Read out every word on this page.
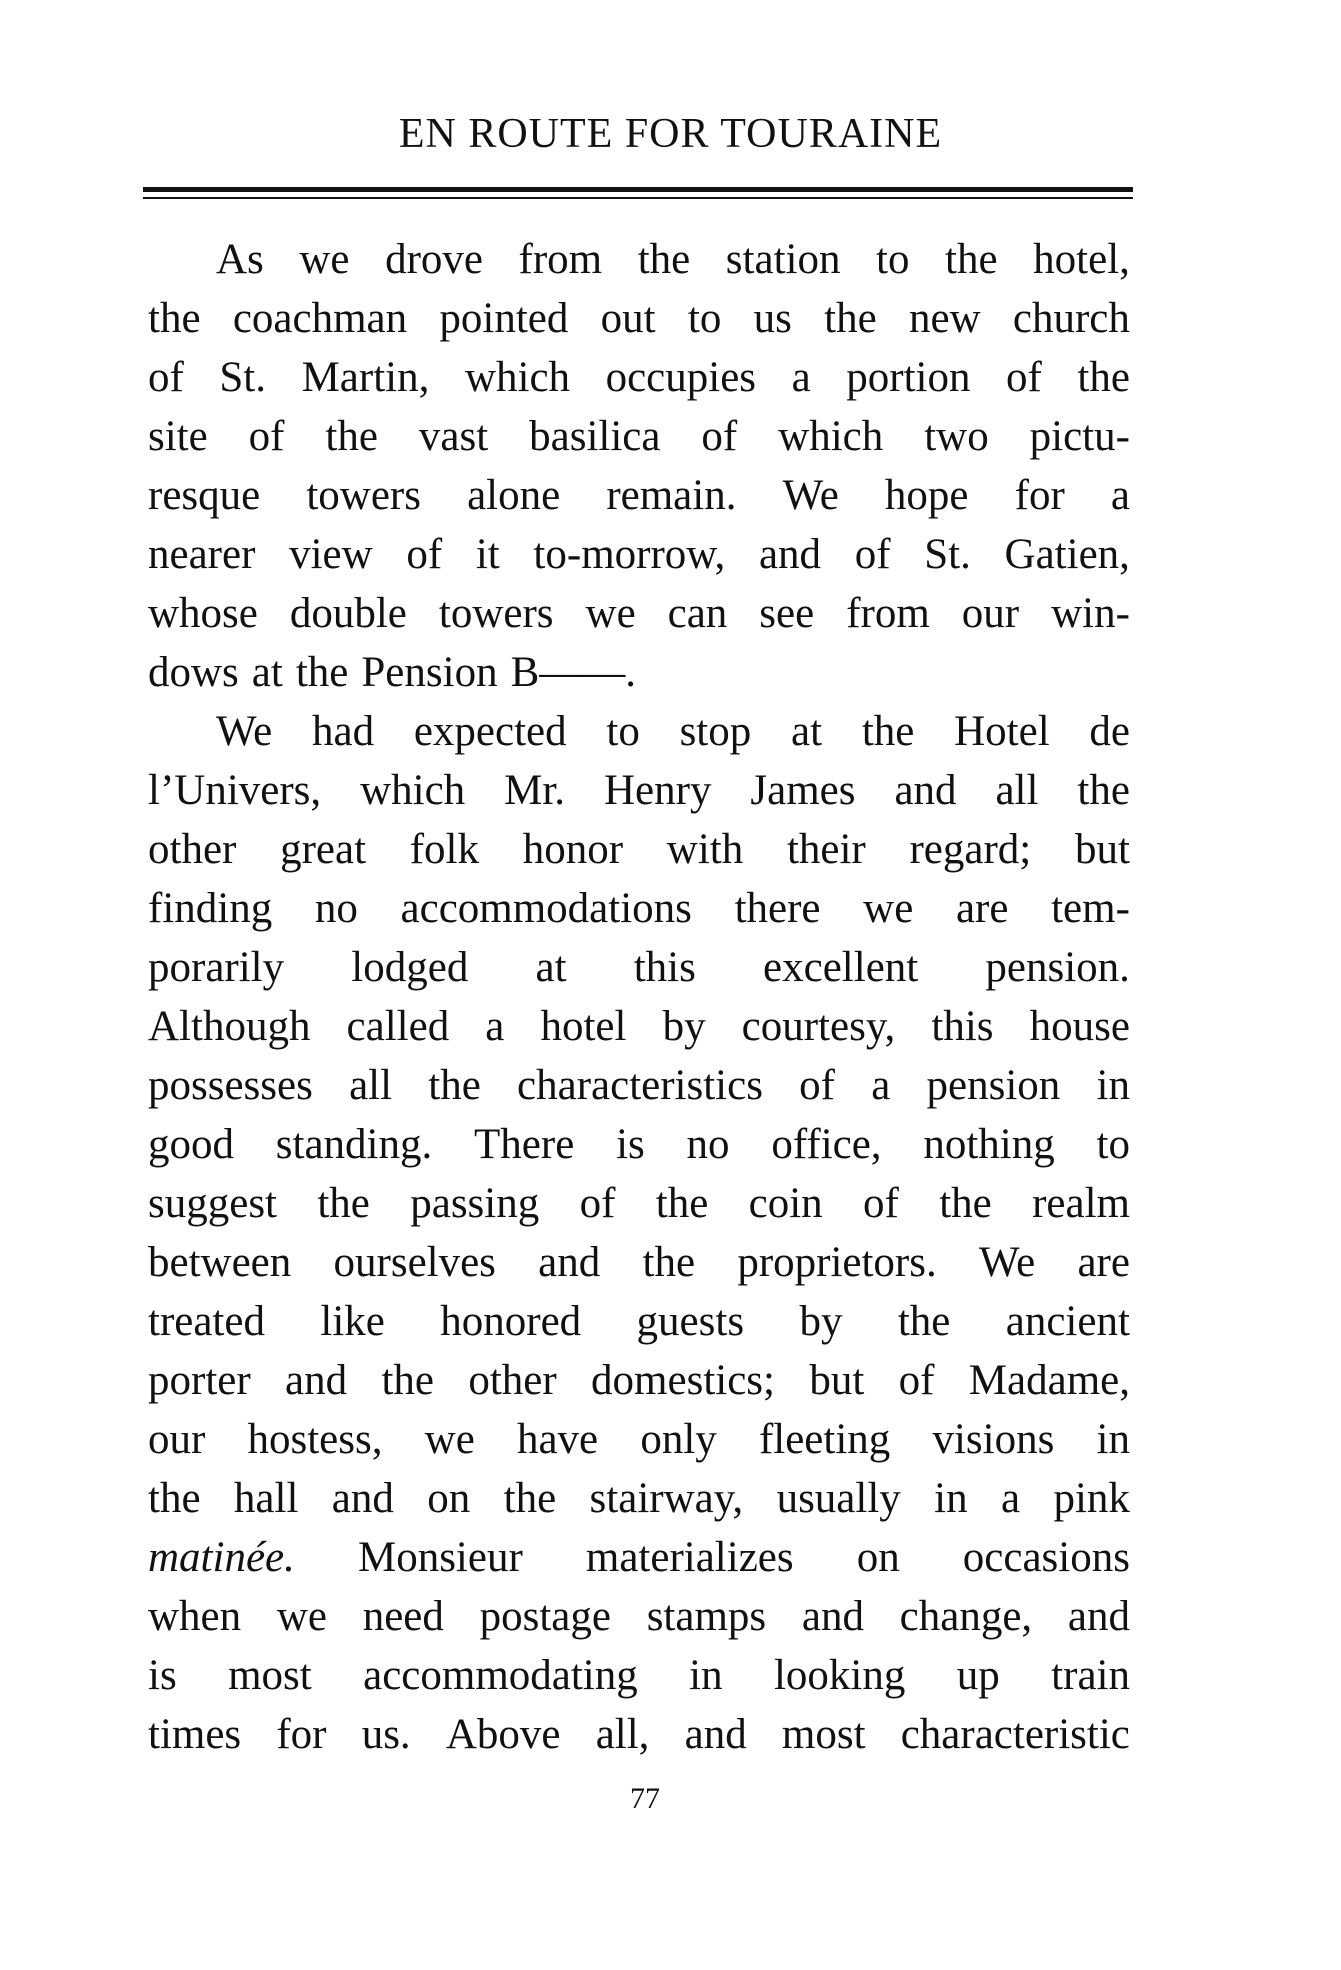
EN ROUTE FOR TOURAINE
As we drove from the station to the hotel,
the coachman pointed out to us the new church
of St. Martin, which occupies a portion of the
site of the vast basilica of which two pictu-
resque towers alone remain. We hope for a
nearer view of it to-morrow, and of St. Gatien,
whose double towers we can see from our win-
dows at the Pension B——.
We had expected to stop at the Hotel de
l’Univers, which Mr. Henry James and all the
other great folk honor with their regard; but
finding no accommodations there we are tem-
porarily lodged at this excellent pension.
Although called a hotel by courtesy, this house
possesses all the characteristics of a pension in
good standing. There is no office, nothing to
suggest the passing of the coin of the realm
between ourselves and the proprietors. We are
treated like honored guests by the ancient
porter and the other domestics; but of Madame,
our hostess, we have only fleeting visions in
the hall and on the stairway, usually in a pink
matinée. Monsieur materializes on occasions
when we need postage stamps and change, and
is most accommodating in looking up train
times for us. Above all, and most characteristic
77
